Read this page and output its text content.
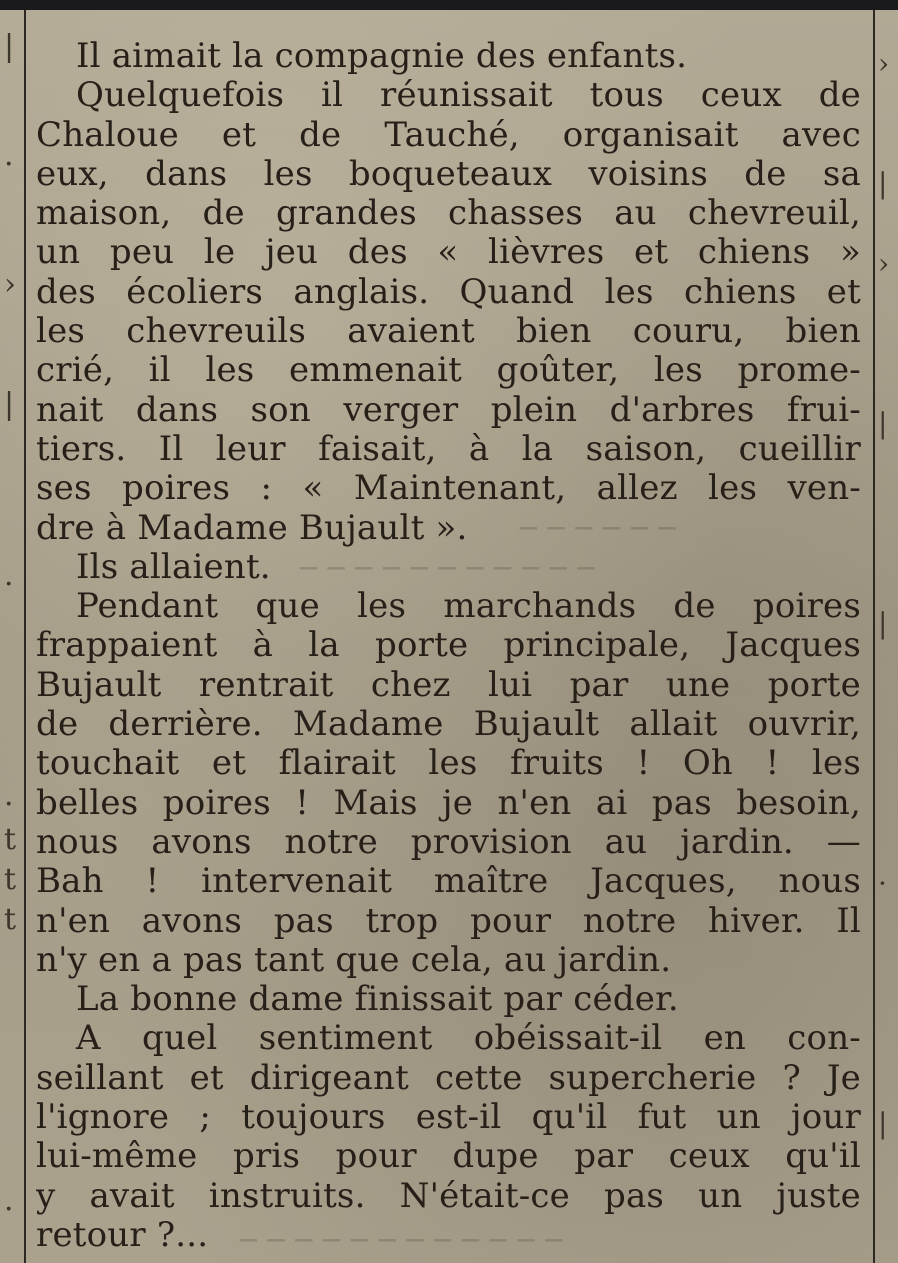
|
·
›
|
·
·
t
t
t
·
›
|
›
|
|
·
|
─ ─ ─ ─ ─ ─
─ ─ ─ ─ ─ ─ ─ ─ ─ ─ ─
─ ─ ─ ─ ─ ─ ─ ─ ─ ─ ─ ─
Il aimait la compagnie des enfants.
Quelquefois il réunissait tous ceux de
Chaloue et de Tauché, organisait avec
eux, dans les boqueteaux voisins de sa
maison, de grandes chasses au chevreuil,
un peu le jeu des « lièvres et chiens »
des écoliers anglais. Quand les chiens et
les chevreuils avaient bien couru, bien
crié, il les emmenait goûter, les prome-
nait dans son verger plein d'arbres frui-
tiers. Il leur faisait, à la saison, cueillir
ses poires : « Maintenant, allez les ven-
dre à Madame Bujault ».
Ils allaient.
Pendant que les marchands de poires
frappaient à la porte principale, Jacques
Bujault rentrait chez lui par une porte
de derrière. Madame Bujault allait ouvrir,
touchait et flairait les fruits ! Oh ! les
belles poires ! Mais je n'en ai pas besoin,
nous avons notre provision au jardin. —
Bah ! intervenait maître Jacques, nous
n'en avons pas trop pour notre hiver. Il
n'y en a pas tant que cela, au jardin.
La bonne dame finissait par céder.
A quel sentiment obéissait-il en con-
seillant et dirigeant cette supercherie ? Je
l'ignore ; toujours est-il qu'il fut un jour
lui-même pris pour dupe par ceux qu'il
y avait instruits. N'était-ce pas un juste
retour ?...
